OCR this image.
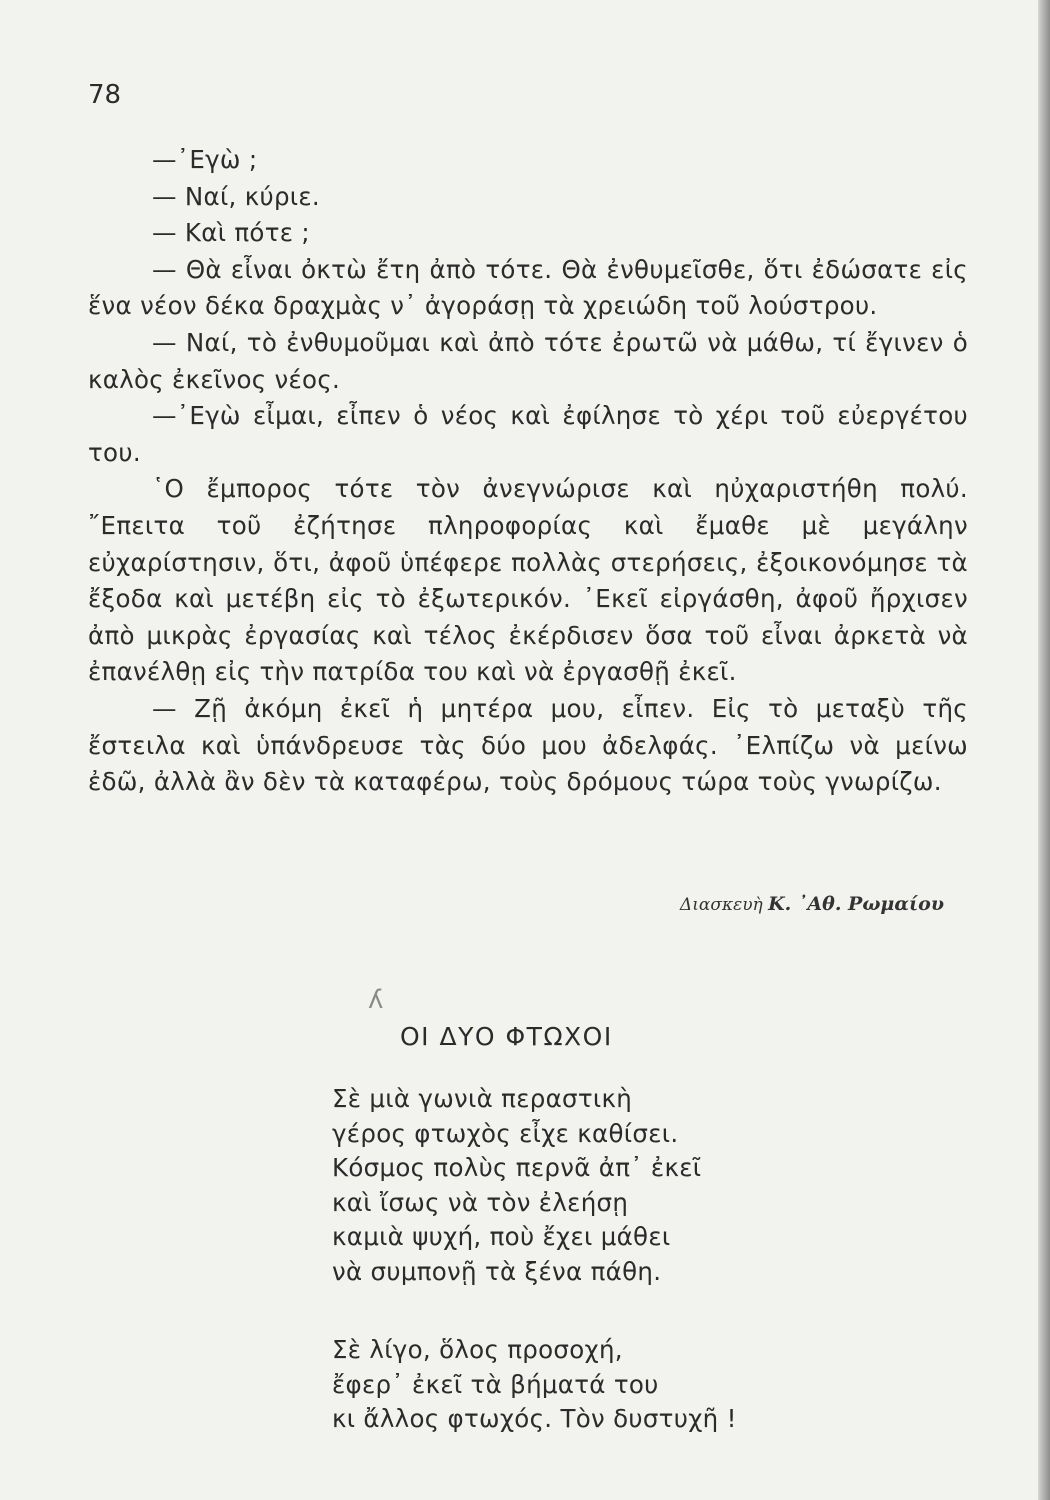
78

—᾽Εγὼ ;

— Ναί, κύριε.

— Καὶ πότε ;

— Θὰ εἶναι ὀκτὼ ἔτη ἀπὸ τότε. Θὰ ἐνθυμεῖσθε, ὅτι ἐδώσατε εἰς ἕνα νέον δέκα δραχμὰς ν᾽ ἀγοράσῃ τὰ χρειώδη τοῦ λούστρου.

— Ναί, τὸ ἐνθυμοῦμαι καὶ ἀπὸ τότε ἐρωτῶ νὰ μάθω, τί ἔγινεν ὁ καλὸς ἐκεῖνος νέος.

—᾽Εγὼ εἶμαι, εἶπεν ὁ νέος καὶ ἐφίλησε τὸ χέρι τοῦ εὐεργέτου του.

῾Ο ἔμπορος τότε τὸν ἀνεγνώρισε καὶ ηὐχαριστήθη πολύ. ῎Επειτα τοῦ ἐζήτησε πληροφορίας καὶ ἔμαθε μὲ μεγάλην εὐχαρίστησιν, ὅτι, ἀφοῦ ὑπέφερε πολλὰς στερήσεις, ἐξοικονόμησε τὰ ἔξοδα καὶ μετέβη εἰς τὸ ἐξωτερικόν. ᾽Εκεῖ εἰργάσθη, ἀφοῦ ἤρχισεν ἀπὸ μικρὰς ἐργασίας καὶ τέλος ἐκέρδισεν ὅσα τοῦ εἶναι ἀρκετὰ νὰ ἐπανέλθῃ εἰς τὴν πατρίδα του καὶ νὰ ἐργασθῇ ἐκεῖ.

— Ζῇ ἀκόμη ἐκεῖ ἡ μητέρα μου, εἶπεν. Εἰς τὸ μεταξὺ τῆς ἔστειλα καὶ ὑπάνδρευσε τὰς δύο μου ἀδελφάς. ᾽Ελπίζω νὰ μείνω ἐδῶ, ἀλλὰ ἂν δὲν τὰ καταφέρω, τοὺς δρόμους τώρα τοὺς γνωρίζω.

Διασκευὴ Κ. ᾽Αθ. Ρωμαίου

ʎ

ΟΙ ΔΥΟ ΦΤΩΧΟΙ
Σὲ μιὰ γωνιὰ περαστικὴ
γέρος φτωχὸς εἶχε καθίσει.
Κόσμος πολὺς περνᾶ ἀπ᾽ ἐκεῖ
καὶ ἴσως νὰ τὸν ἐλεήσῃ
καμιὰ ψυχή, ποὺ ἔχει μάθει
νὰ συμπονῇ τὰ ξένα πάθη.
Σὲ λίγο, ὅλος προσοχή,
ἔφερ᾽ ἐκεῖ τὰ βήματά του
κι ἄλλος φτωχός. Τὸν δυστυχῆ !
